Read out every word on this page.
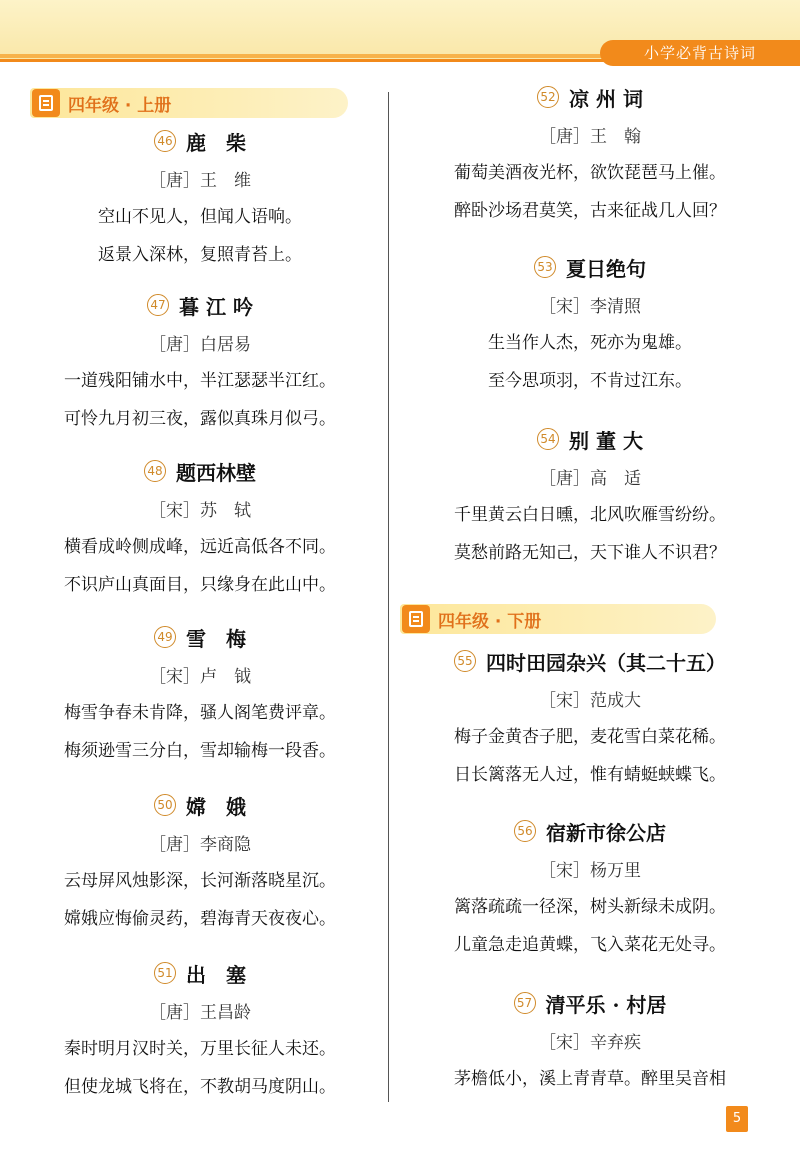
小学必背古诗词
四年级 · 上册
46 鹿　柴
［唐］王　维
空山不见人，但闻人语响。
返景入深林，复照青苔上。
47 暮 江 吟
［唐］白居易
一道残阳铺水中，半江瑟瑟半江红。
可怜九月初三夜，露似真珠月似弓。
48 题西林壁
［宋］苏　轼
横看成岭侧成峰，远近高低各不同。
不识庐山真面目，只缘身在此山中。
49 雪　梅
［宋］卢　钺
梅雪争春未肯降，骚人阁笔费评章。
梅须逊雪三分白，雪却输梅一段香。
50 嫦　娥
［唐］李商隐
云母屏风烛影深，长河渐落晓星沉。
嫦娥应悔偷灵药，碧海青天夜夜心。
51 出　塞
［唐］王昌龄
秦时明月汉时关，万里长征人未还。
但使龙城飞将在，不教胡马度阴山。
52 凉 州 词
［唐］王　翰
葡萄美酒夜光杯，欲饮琵琶马上催。
醉卧沙场君莫笑，古来征战几人回？
53 夏日绝句
［宋］李清照
生当作人杰，死亦为鬼雄。
至今思项羽，不肯过江东。
54 别 董 大
［唐］高　适
千里黄云白日曛，北风吹雁雪纷纷。
莫愁前路无知己，天下谁人不识君？
四年级 · 下册
55 四时田园杂兴（其二十五）
［宋］范成大
梅子金黄杏子肥，麦花雪白菜花稀。
日长篱落无人过，惟有蜻蜓蛱蝶飞。
56 宿新市徐公店
［宋］杨万里
篱落疏疏一径深，树头新绿未成阴。
儿童急走追黄蝶，飞入菜花无处寻。
57 清平乐 · 村居
［宋］辛弃疾
茅檐低小，溪上青青草。醉里吴音相
5
